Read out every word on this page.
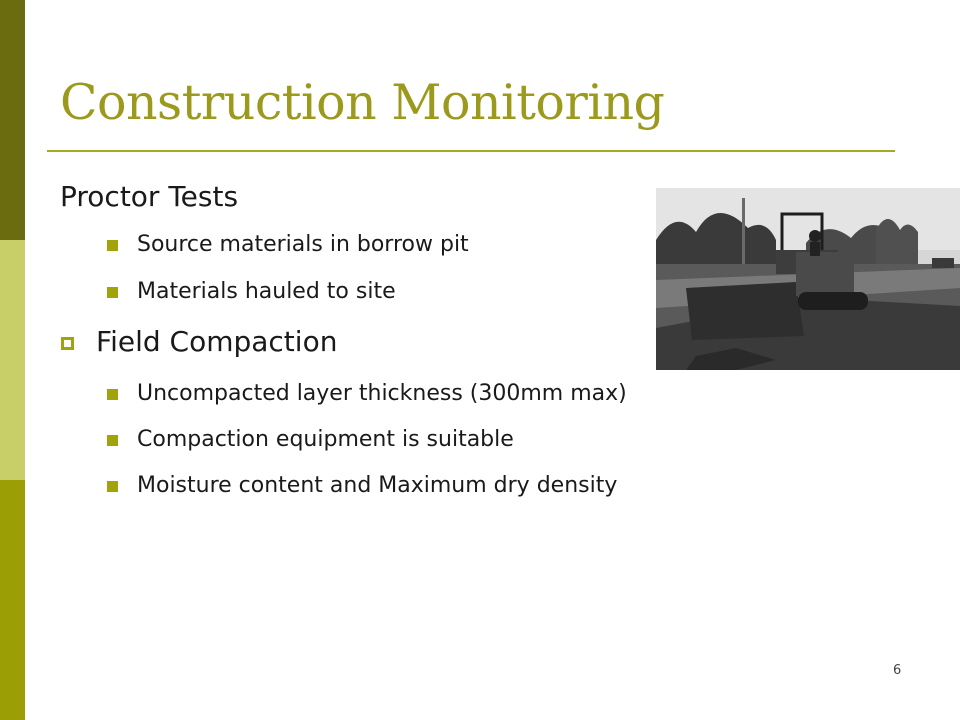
Construction Monitoring
Proctor Tests
Source materials in borrow pit
Materials hauled to site
Field Compaction
Uncompacted layer thickness (300mm max)
Compaction equipment is suitable
Moisture content and Maximum dry density
6
